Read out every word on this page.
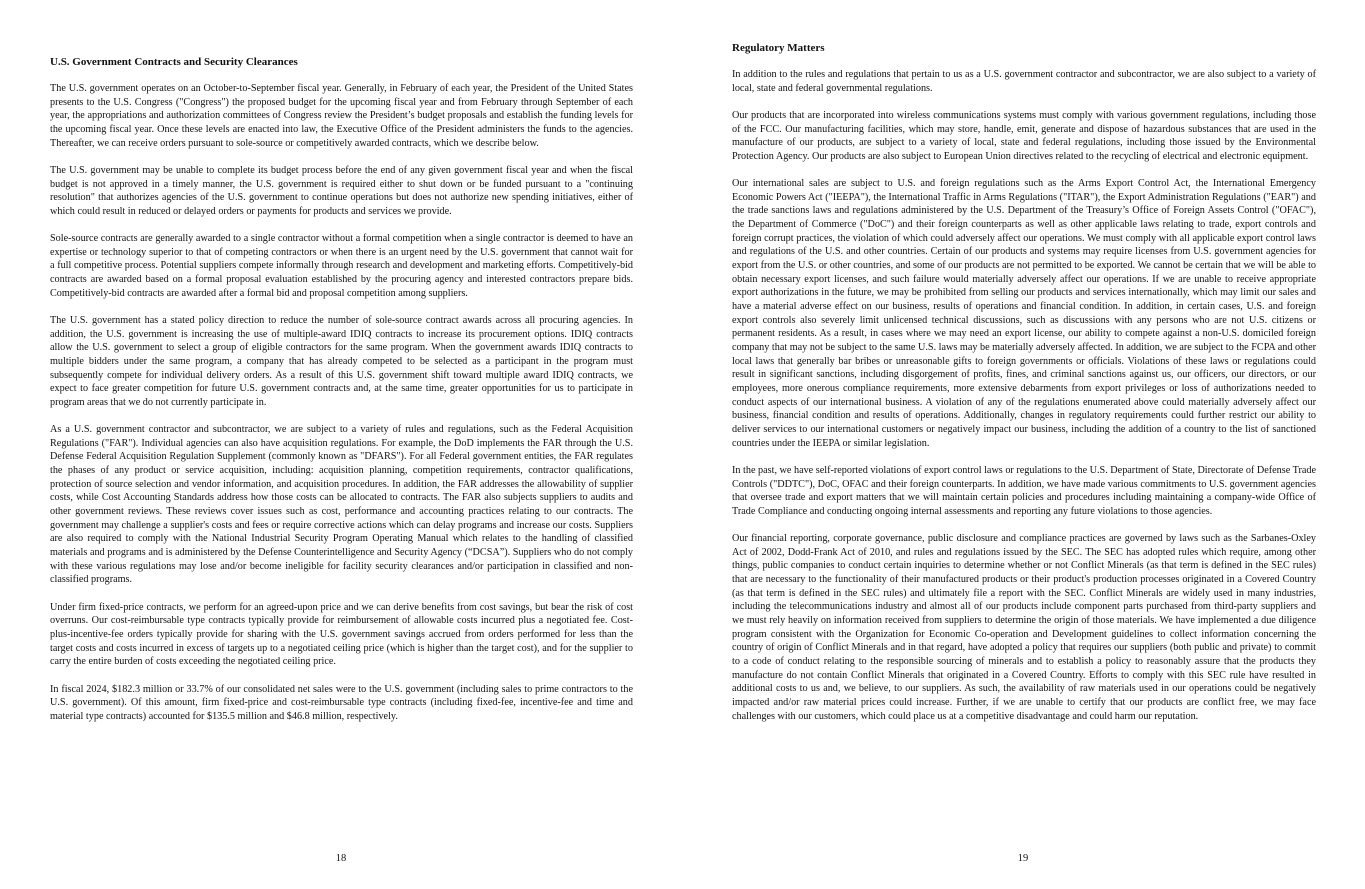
U.S. Government Contracts and Security Clearances

The U.S. government operates on an October-to-September fiscal year. Generally, in February of each year, the President of the United States presents to the U.S. Congress ("Congress") the proposed budget for the upcoming fiscal year and from February through September of each year, the appropriations and authorization committees of Congress review the President’s budget proposals and establish the funding levels for the upcoming fiscal year. Once these levels are enacted into law, the Executive Office of the President administers the funds to the agencies. Thereafter, we can receive orders pursuant to sole-source or competitively awarded contracts, which we describe below.

The U.S. government may be unable to complete its budget process before the end of any given government fiscal year and when the fiscal budget is not approved in a timely manner, the U.S. government is required either to shut down or be funded pursuant to a "continuing resolution" that authorizes agencies of the U.S. government to continue operations but does not authorize new spending initiatives, either of which could result in reduced or delayed orders or payments for products and services we provide.

Sole-source contracts are generally awarded to a single contractor without a formal competition when a single contractor is deemed to have an expertise or technology superior to that of competing contractors or when there is an urgent need by the U.S. government that cannot wait for a full competitive process. Potential suppliers compete informally through research and development and marketing efforts. Competitively-bid contracts are awarded based on a formal proposal evaluation established by the procuring agency and interested contractors prepare bids. Competitively-bid contracts are awarded after a formal bid and proposal competition among suppliers.

The U.S. government has a stated policy direction to reduce the number of sole-source contract awards across all procuring agencies. In addition, the U.S. government is increasing the use of multiple-award IDIQ contracts to increase its procurement options. IDIQ contracts allow the U.S. government to select a group of eligible contractors for the same program. When the government awards IDIQ contracts to multiple bidders under the same program, a company that has already competed to be selected as a participant in the program must subsequently compete for individual delivery orders. As a result of this U.S. government shift toward multiple award IDIQ contracts, we expect to face greater competition for future U.S. government contracts and, at the same time, greater opportunities for us to participate in program areas that we do not currently participate in.

As a U.S. government contractor and subcontractor, we are subject to a variety of rules and regulations, such as the Federal Acquisition Regulations ("FAR"). Individual agencies can also have acquisition regulations. For example, the DoD implements the FAR through the U.S. Defense Federal Acquisition Regulation Supplement (commonly known as "DFARS"). For all Federal government entities, the FAR regulates the phases of any product or service acquisition, including: acquisition planning, competition requirements, contractor qualifications, protection of source selection and vendor information, and acquisition procedures. In addition, the FAR addresses the allowability of supplier costs, while Cost Accounting Standards address how those costs can be allocated to contracts. The FAR also subjects suppliers to audits and other government reviews. These reviews cover issues such as cost, performance and accounting practices relating to our contracts. The government may challenge a supplier's costs and fees or require corrective actions which can delay programs and increase our costs. Suppliers are also required to comply with the National Industrial Security Program Operating Manual which relates to the handling of classified materials and programs and is administered by the Defense Counterintelligence and Security Agency (“DCSA”). Suppliers who do not comply with these various regulations may lose and/or become ineligible for facility security clearances and/or participation in classified and non-classified programs.

Under firm fixed-price contracts, we perform for an agreed-upon price and we can derive benefits from cost savings, but bear the risk of cost overruns. Our cost-reimbursable type contracts typically provide for reimbursement of allowable costs incurred plus a negotiated fee. Cost-plus-incentive-fee orders typically provide for sharing with the U.S. government savings accrued from orders performed for less than the target costs and costs incurred in excess of targets up to a negotiated ceiling price (which is higher than the target cost), and for the supplier to carry the entire burden of costs exceeding the negotiated ceiling price.

In fiscal 2024, $182.3 million or 33.7% of our consolidated net sales were to the U.S. government (including sales to prime contractors to the U.S. government). Of this amount, firm fixed-price and cost-reimbursable type contracts (including fixed-fee, incentive-fee and time and material type contracts) accounted for $135.5 million and $46.8 million, respectively.

18
Regulatory Matters

In addition to the rules and regulations that pertain to us as a U.S. government contractor and subcontractor, we are also subject to a variety of local, state and federal governmental regulations.

Our products that are incorporated into wireless communications systems must comply with various government regulations, including those of the FCC. Our manufacturing facilities, which may store, handle, emit, generate and dispose of hazardous substances that are used in the manufacture of our products, are subject to a variety of local, state and federal regulations, including those issued by the Environmental Protection Agency. Our products are also subject to European Union directives related to the recycling of electrical and electronic equipment.

Our international sales are subject to U.S. and foreign regulations such as the Arms Export Control Act, the International Emergency Economic Powers Act ("IEEPA"), the International Traffic in Arms Regulations ("ITAR"), the Export Administration Regulations ("EAR") and the trade sanctions laws and regulations administered by the U.S. Department of the Treasury’s Office of Foreign Assets Control ("OFAC"), the Department of Commerce ("DoC") and their foreign counterparts as well as other applicable laws relating to trade, export controls and foreign corrupt practices, the violation of which could adversely affect our operations. We must comply with all applicable export control laws and regulations of the U.S. and other countries. Certain of our products and systems may require licenses from U.S. government agencies for export from the U.S. or other countries, and some of our products are not permitted to be exported. We cannot be certain that we will be able to obtain necessary export licenses, and such failure would materially adversely affect our operations. If we are unable to receive appropriate export authorizations in the future, we may be prohibited from selling our products and services internationally, which may limit our sales and have a material adverse effect on our business, results of operations and financial condition. In addition, in certain cases, U.S. and foreign export controls also severely limit unlicensed technical discussions, such as discussions with any persons who are not U.S. citizens or permanent residents. As a result, in cases where we may need an export license, our ability to compete against a non-U.S. domiciled foreign company that may not be subject to the same U.S. laws may be materially adversely affected. In addition, we are subject to the FCPA and other local laws that generally bar bribes or unreasonable gifts to foreign governments or officials. Violations of these laws or regulations could result in significant sanctions, including disgorgement of profits, fines, and criminal sanctions against us, our officers, our directors, or our employees, more onerous compliance requirements, more extensive debarments from export privileges or loss of authorizations needed to conduct aspects of our international business. A violation of any of the regulations enumerated above could materially adversely affect our business, financial condition and results of operations. Additionally, changes in regulatory requirements could further restrict our ability to deliver services to our international customers or negatively impact our business, including the addition of a country to the list of sanctioned countries under the IEEPA or similar legislation.

In the past, we have self-reported violations of export control laws or regulations to the U.S. Department of State, Directorate of Defense Trade Controls ("DDTC"), DoC, OFAC and their foreign counterparts. In addition, we have made various commitments to U.S. government agencies that oversee trade and export matters that we will maintain certain policies and procedures including maintaining a company-wide Office of Trade Compliance and conducting ongoing internal assessments and reporting any future violations to those agencies.

Our financial reporting, corporate governance, public disclosure and compliance practices are governed by laws such as the Sarbanes-Oxley Act of 2002, Dodd-Frank Act of 2010, and rules and regulations issued by the SEC. The SEC has adopted rules which require, among other things, public companies to conduct certain inquiries to determine whether or not Conflict Minerals (as that term is defined in the SEC rules) that are necessary to the functionality of their manufactured products or their product's production processes originated in a Covered Country (as that term is defined in the SEC rules) and ultimately file a report with the SEC. Conflict Minerals are widely used in many industries, including the telecommunications industry and almost all of our products include component parts purchased from third-party suppliers and we must rely heavily on information received from suppliers to determine the origin of those materials. We have implemented a due diligence program consistent with the Organization for Economic Co-operation and Development guidelines to collect information concerning the country of origin of Conflict Minerals and in that regard, have adopted a policy that requires our suppliers (both public and private) to commit to a code of conduct relating to the responsible sourcing of minerals and to establish a policy to reasonably assure that the products they manufacture do not contain Conflict Minerals that originated in a Covered Country. Efforts to comply with this SEC rule have resulted in additional costs to us and, we believe, to our suppliers. As such, the availability of raw materials used in our operations could be negatively impacted and/or raw material prices could increase. Further, if we are unable to certify that our products are conflict free, we may face challenges with our customers, which could place us at a competitive disadvantage and could harm our reputation.

19
